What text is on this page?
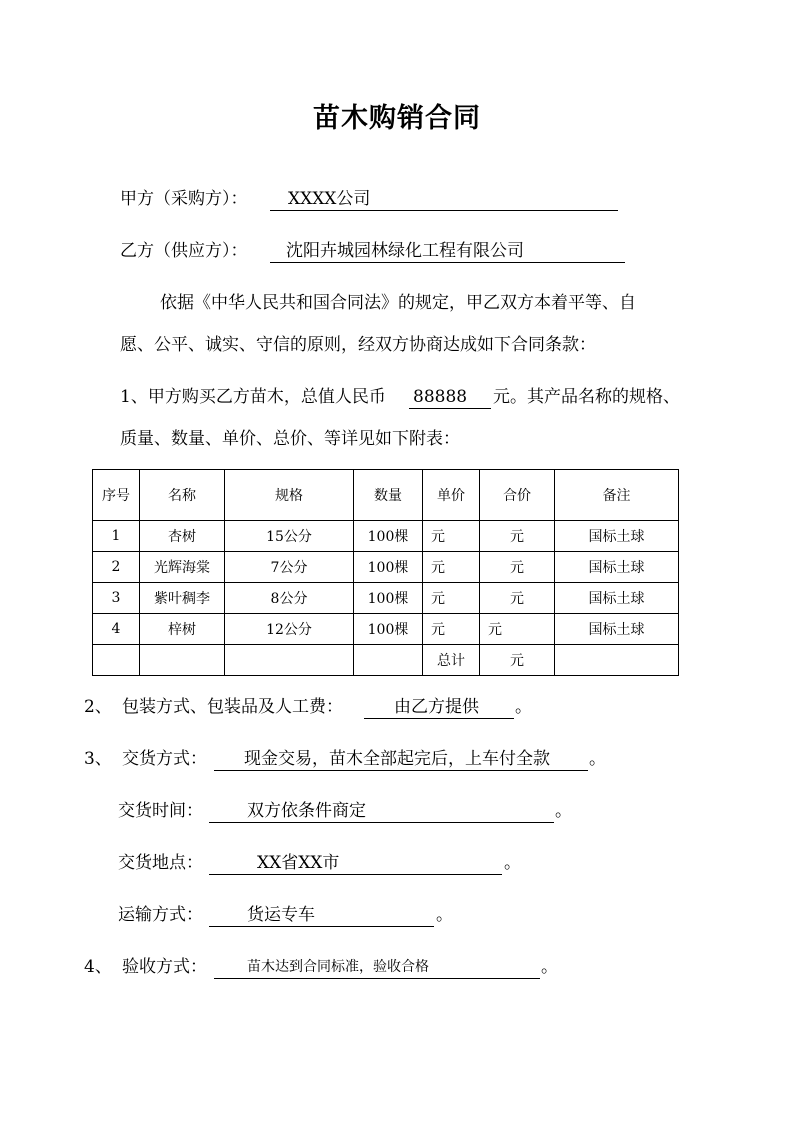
苗木购销合同
甲方（采购方）： XXXX公司
乙方（供应方）： 沈阳卉城园林绿化工程有限公司
依据《中华人民共和国合同法》的规定，甲乙双方本着平等、自
愿、公平、诚实、守信的原则，经双方协商达成如下合同条款：
1、甲方购买乙方苗木，总值人民币 88888 元。其产品名称的规格、
质量、数量、单价、总价、等详见如下附表：
序号	名称	规格	数量	单价	合价	备注
1	杏树	15公分	100棵	元	元	国标土球
2	光辉海棠	7公分	100棵	元	元	国标土球
3	紫叶稠李	8公分	100棵	元	元	国标土球
4	梓树	12公分	100棵	元	元	国标土球
				总计	元	
2、 包装方式、包装品及人工费：	由乙方提供 。
3、 交货方式： 现金交易，苗木全部起完后，上车付全款 。
交货时间：	双方依条件商定	。
交货地点：	XX省XX市	。
运输方式：	货运专车	。
4、 验收方式：	苗木达到合同标准，验收合格	。
